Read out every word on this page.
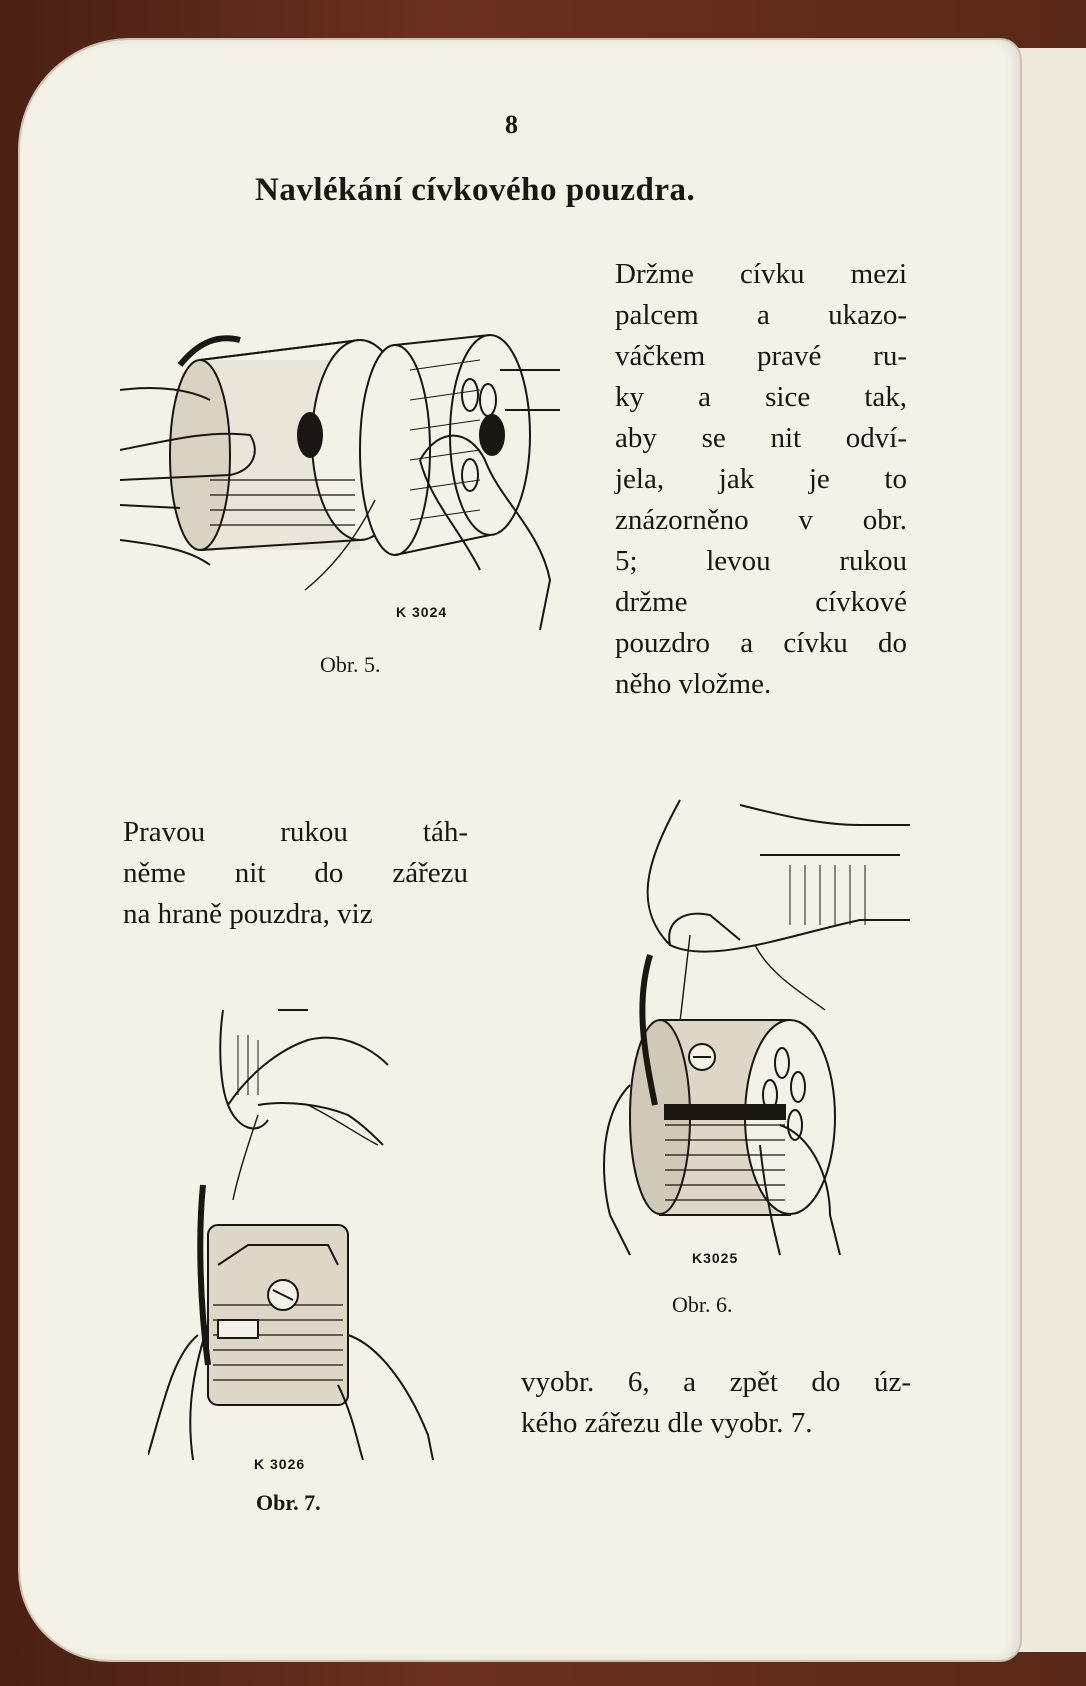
8
Navlékání cívkového pouzdra.

Držme cívku mezi
palcem a ukazo-
váčkem pravé ru-
ky a sice tak,
aby se nit odví-
jela, jak je to
znázorněno v obr.
5; levou rukou
držme cívkové
pouzdro a cívku do
něho vložme.

Pravou rukou táh-
něme nit do zářezu
na hraně pouzdra, viz

vyobr. 6, a zpět do úz-
kého zářezu dle vyobr. 7.

K 3024
Obr. 5.
K3025
Obr. 6.
K 3026
Obr. 7.
